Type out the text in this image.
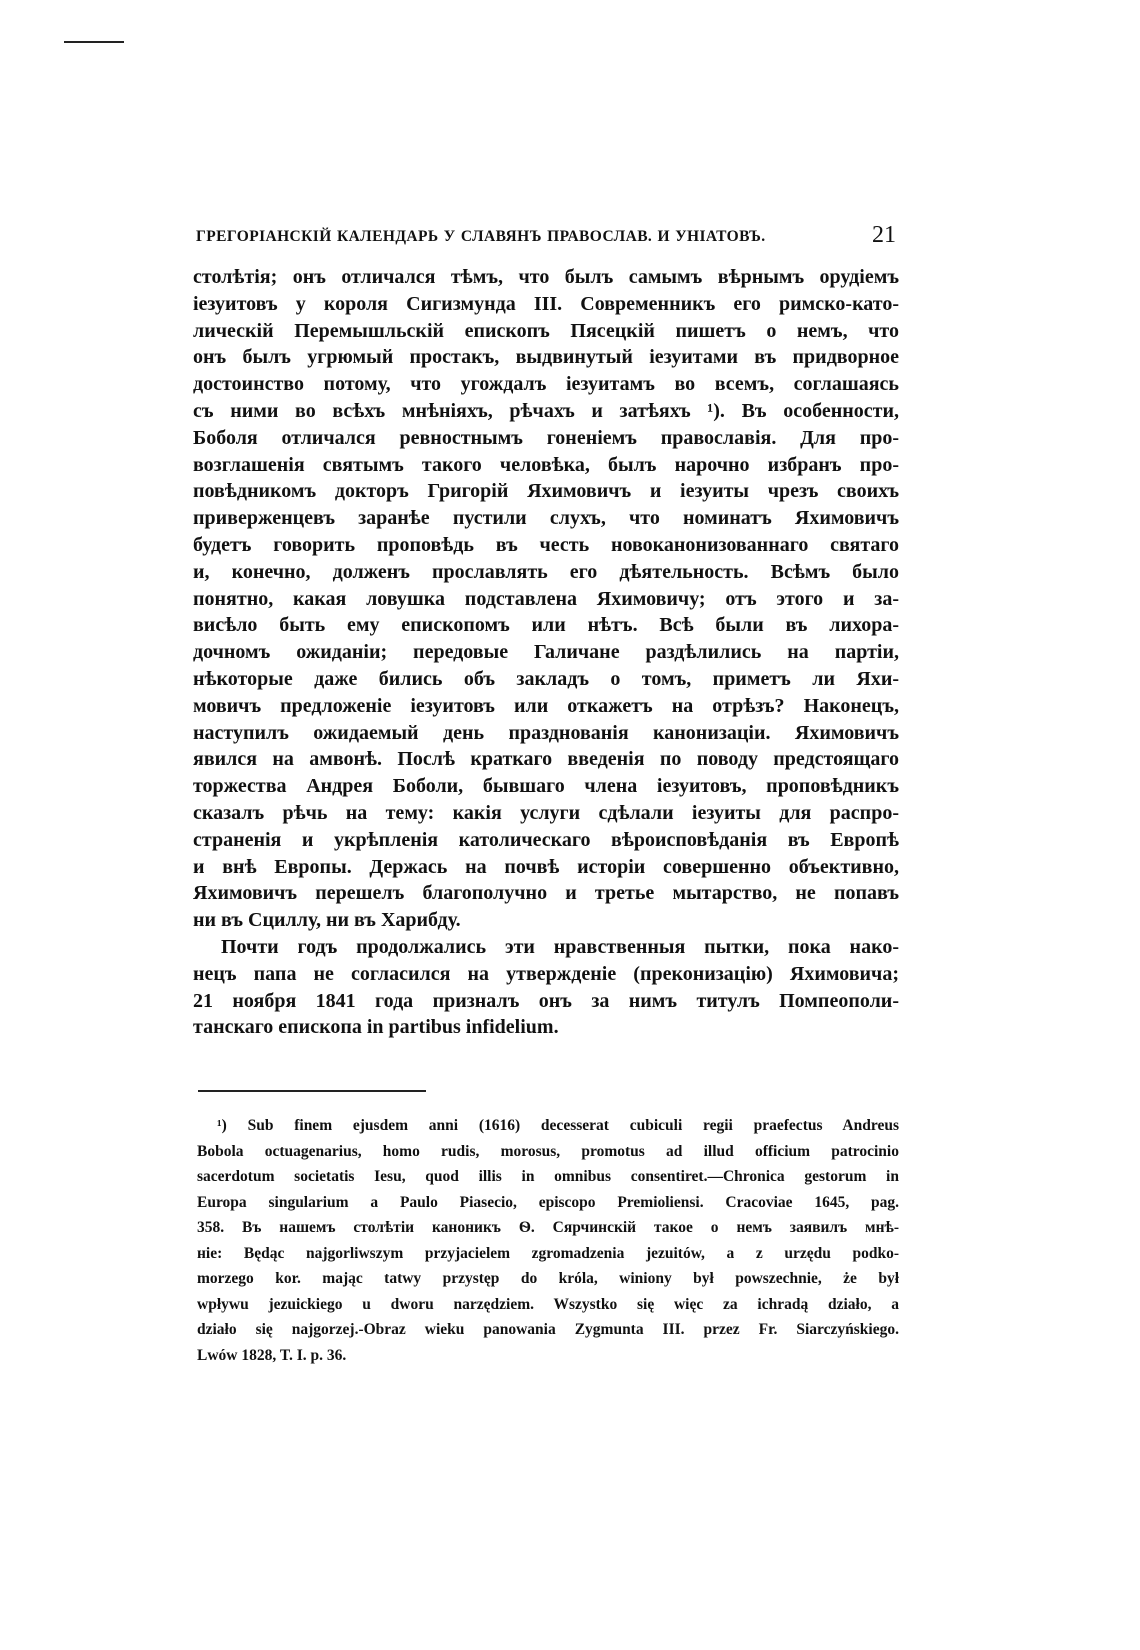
ГРЕГОРІАНСКІЙ КАЛЕНДАРЬ У СЛАВЯНЪ ПРАВОСЛАВ. И УНІАТОВЪ.	21
столѣтія; онъ отличался тѣмъ, что былъ самымъ вѣрнымъ орудіемъ
іезуитовъ у короля Сигизмунда III. Современникъ его римско-като-
лическій Перемышльскій епископъ Пясецкій пишетъ о немъ, что
онъ былъ угрюмый простакъ, выдвинутый іезуитами въ придворное
достоинство потому, что угождалъ іезуитамъ во всемъ, соглашаясь
съ ними во всѣхъ мнѣніяхъ, рѣчахъ и затѣяхъ ¹). Въ особенности,
Боболя отличался ревностнымъ гоненіемъ православія. Для про-
возглашенія святымъ такого человѣка, былъ нарочно избранъ про-
повѣдникомъ докторъ Григорій Яхимовичъ и іезуиты чрезъ своихъ
приверженцевъ заранѣе пустили слухъ, что номинатъ Яхимовичъ
будетъ говорить проповѣдь въ честь новоканонизованнаго святаго
и, конечно, долженъ прославлять его дѣятельность. Всѣмъ было
понятно, какая ловушка подставлена Яхимовичу; отъ этого и за-
висѣло быть ему епископомъ или нѣтъ. Всѣ были въ лихора-
дочномъ ожиданіи; передовые Галичане раздѣлились на партіи,
нѣкоторые даже бились объ закладъ о томъ, приметъ ли Яхи-
мовичъ предложеніе іезуитовъ или откажетъ на отрѣзъ? Наконецъ,
наступилъ ожидаемый день празднованія канонизаціи. Яхимовичъ
явился на амвонѣ. Послѣ краткаго введенія по поводу предстоящаго
торжества Андрея Боболи, бывшаго члена іезуитовъ, проповѣдникъ
сказалъ рѣчь на тему: какія услуги сдѣлали іезуиты для распро-
страненія и укрѣпленія католическаго вѣроисповѣданія въ Европѣ
и внѣ Европы. Держась на почвѣ исторіи совершенно объективно,
Яхимовичъ перешелъ благополучно и третье мытарство, не попавъ
ни въ Сциллу, ни въ Харибду.
Почти годъ продолжались эти нравственныя пытки, пока нако-
нецъ папа не согласился на утвержденіе (преконизацію) Яхимовича;
21 ноября 1841 года призналъ онъ за нимъ титулъ Помпеополи-
танскаго епископа in partibus infidelium.
¹) Sub finem ejusdem anni (1616) decesserat cubiculi regii praefectus Andreus
Bobola octuagenarius, homo rudis, morosus, promotus ad illud officium patrocinio
sacerdotum societatis Iesu, quod illis in omnibus consentiret.—Chronica gestorum in
Europa singularium a Paulo Piasecio, episcopo Premioliensi. Cracoviae 1645, pag.
358. Въ нашемъ столѣтіи каноникъ Ѳ. Сярчинскій такое о немъ заявилъ мнѣ-
ніе: Będąc najgorliwszym przyjacielem zgromadzenia jezuitów, a z urzędu podko-
morzego kor. mając tatwy przystęp do króla, winiony był powszechnie, że był
wpływu jezuickiego u dworu narzędziem. Wszystko się więc za ichradą działo, a
działo się najgorzej.-Obraz wieku panowania Zygmunta III. przez Fr. Siarczyńskiego.
Lwów 1828, T. I. p. 36.
